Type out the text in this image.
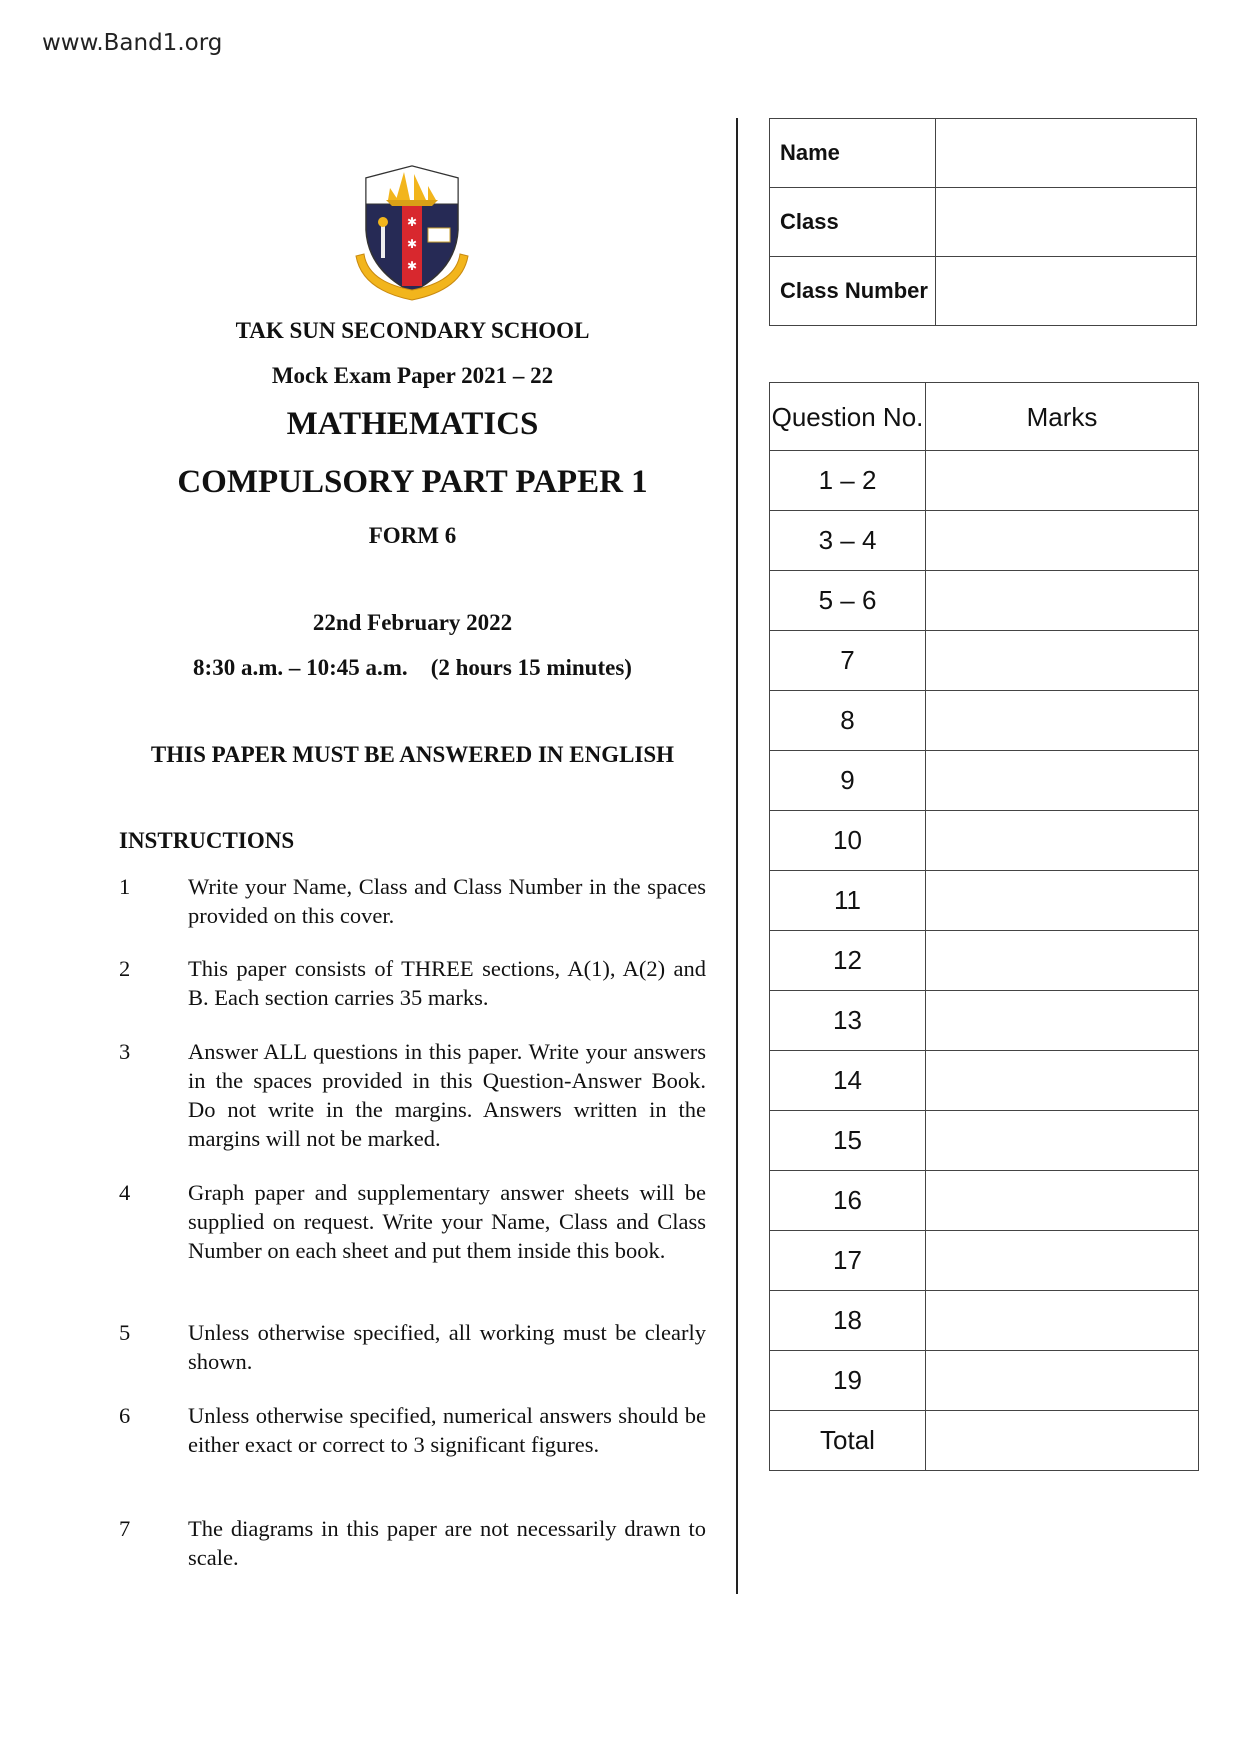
www.Band1.org
✱
✱
✱
TAK SUN SECONDARY SCHOOL
Mock Exam Paper 2021 – 22
MATHEMATICS
COMPULSORY PART PAPER 1
FORM 6
22nd February 2022
8:30 a.m. – 10:45 a.m. (2 hours 15 minutes)
THIS PAPER MUST BE ANSWERED IN ENGLISH
INSTRUCTIONS
1	Write your Name, Class and Class Number in the spaces provided on this cover.
2	This paper consists of THREE sections, A(1), A(2) and B. Each section carries 35 marks.
3	Answer ALL questions in this paper. Write your answers in the spaces provided in this Question-Answer Book. Do not write in the margins. Answers written in the margins will not be marked.
4	Graph paper and supplementary answer sheets will be supplied on request. Write your Name, Class and Class Number on each sheet and put them inside this book.
5	Unless otherwise specified, all working must be clearly shown.
6	Unless otherwise specified, numerical answers should be either exact or correct to 3 significant figures.
7	The diagrams in this paper are not necessarily drawn to scale.
Name	
Class	
Class Number	
Question No.	Marks
1 – 2	
3 – 4	
5 – 6	
7	
8	
9	
10	
11	
12	
13	
14	
15	
16	
17	
18	
19	
Total	
